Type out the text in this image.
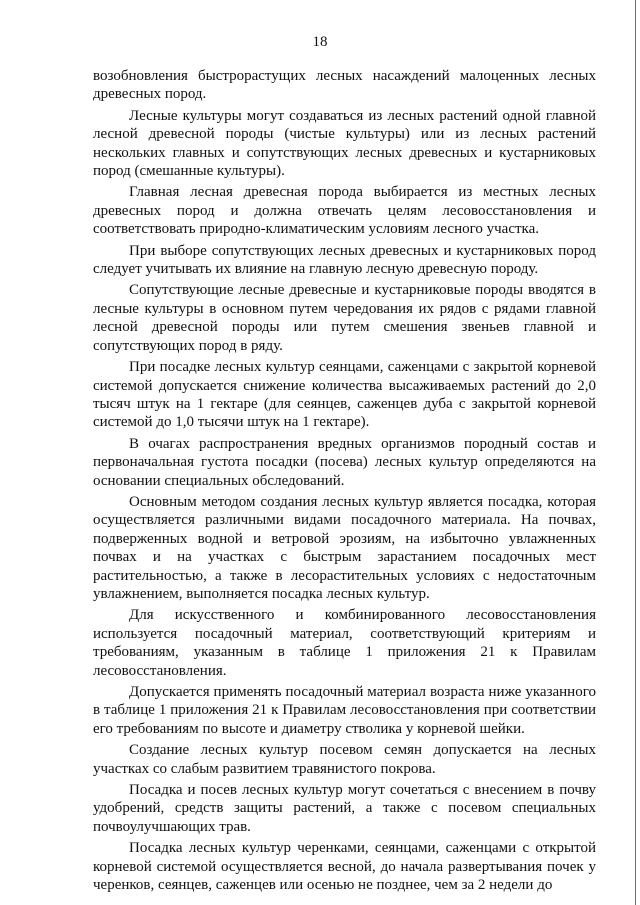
18

возобновления быстрорастущих лесных насаждений малоценных лесных древесных пород.

Лесные культуры могут создаваться из лесных растений одной главной лесной древесной породы (чистые культуры) или из лесных растений нескольких главных и сопутствующих лесных древесных и кустарниковых пород (смешанные культуры).

Главная лесная древесная порода выбирается из местных лесных древесных пород и должна отвечать целям лесовосстановления и соответствовать природно-климатическим условиям лесного участка.

При выборе сопутствующих лесных древесных и кустарниковых пород следует учитывать их влияние на главную лесную древесную породу.

Сопутствующие лесные древесные и кустарниковые породы вводятся в лесные культуры в основном путем чередования их рядов с рядами главной лесной древесной породы или путем смешения звеньев главной и сопутствующих пород в ряду.

При посадке лесных культур сеянцами, саженцами с закрытой корневой системой допускается снижение количества высаживаемых растений до 2,0 тысяч штук на 1 гектаре (для сеянцев, саженцев дуба с закрытой корневой системой до 1,0 тысячи штук на 1 гектаре).

В очагах распространения вредных организмов породный состав и первоначальная густота посадки (посева) лесных культур определяются на основании специальных обследований.

Основным методом создания лесных культур является посадка, которая осуществляется различными видами посадочного материала. На почвах, подверженных водной и ветровой эрозиям, на избыточно увлажненных почвах и на участках с быстрым зарастанием посадочных мест растительностью, а также в лесорастительных условиях с недостаточным увлажнением, выполняется посадка лесных культур.

Для искусственного и комбинированного лесовосстановления используется посадочный материал, соответствующий критериям и требованиям, указанным в таблице 1 приложения 21 к Правилам лесовосстановления.

Допускается применять посадочный материал возраста ниже указанного в таблице 1 приложения 21 к Правилам лесовосстановления при соответствии его требованиям по высоте и диаметру стволика у корневой шейки.

Создание лесных культур посевом семян допускается на лесных участках со слабым развитием травянистого покрова.

Посадка и посев лесных культур могут сочетаться с внесением в почву удобрений, средств защиты растений, а также с посевом специальных почвоулучшающих трав.

Посадка лесных культур черенками, сеянцами, саженцами с открытой корневой системой осуществляется весной, до начала развертывания почек у черенков, сеянцев, саженцев или осенью не позднее, чем за 2 недели до
